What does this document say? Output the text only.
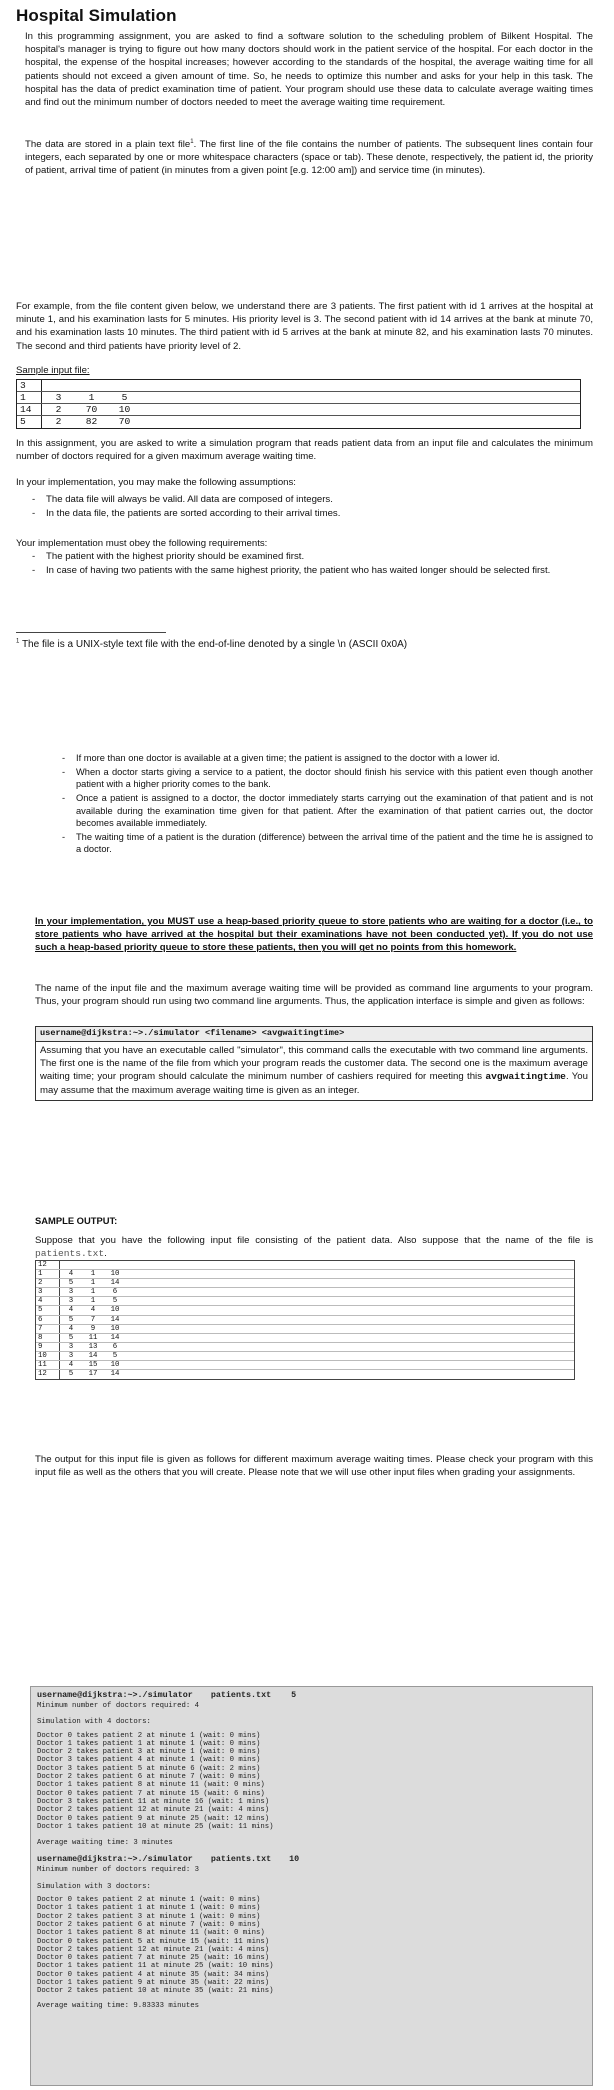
Hospital Simulation
In this programming assignment, you are asked to find a software solution to the scheduling problem of Bilkent Hospital. The hospital's manager is trying to figure out how many doctors should work in the patient service of the hospital. For each doctor in the hospital, the expense of the hospital increases; however according to the standards of the hospital, the average waiting time for all patients should not exceed a given amount of time. So, he needs to optimize this number and asks for your help in this task. The hospital has the data of predict examination time of patient. Your program should use these data to calculate average waiting times and find out the minimum number of doctors needed to meet the average waiting time requirement.
The data are stored in a plain text file$^1$. The first line of the file contains the number of patients. The subsequent lines contain four integers, each separated by one or more whitespace characters (space or tab). These denote, respectively, the patient id, the priority of patient, arrival time of patient (in minutes from a given point [e.g. 12:00 am]) and service time (in minutes).
For example, from the file content given below, we understand there are 3 patients. The first patient with id 1 arrives at the hospital at minute 1, and his examination lasts for 5 minutes. His priority level is 3. The second patient with id 14 arrives at the bank at minute 70, and his examination lasts 10 minutes. The third patient with id 5 arrives at the bank at minute 82, and his examination lasts 70 minutes. The second and third patients have priority level of 2.
Sample input file:
3
1	3	1	5
14	2	70	10
5	2	82	70
In this assignment, you are asked to write a simulation program that reads patient data from an input file and calculates the minimum number of doctors required for a given maximum average waiting time.
In your implementation, you may make the following assumptions:
- The data file will always be valid. All data are composed of integers.
- In the data file, the patients are sorted according to their arrival times.
Your implementation must obey the following requirements:
- The patient with the highest priority should be examined first.
- In case of having two patients with the same highest priority, the patient who has waited longer should be selected first.
$^1$ The file is a UNIX-style text file with the end-of-line denoted by a single \n (ASCII 0x0A)
- If more than one doctor is available at a given time; the patient is assigned to the doctor with a lower id.
- When a doctor starts giving a service to a patient, the doctor should finish his service with this patient even though another patient with a higher priority comes to the bank.
- Once a patient is assigned to a doctor, the doctor immediately starts carrying out the examination of that patient and is not available during the examination time given for that patient. After the examination of that patient carries out, the doctor becomes available immediately.
- The waiting time of a patient is the duration (difference) between the arrival time of the patient and the time he is assigned to a doctor.
In your implementation, you MUST use a heap-based priority queue to store patients who are waiting for a doctor (i.e., to store patients who have arrived at the hospital but their examinations have not been conducted yet). If you do not use such a heap-based priority queue to store these patients, then you will get no points from this homework.
The name of the input file and the maximum average waiting time will be provided as command line arguments to your program. Thus, your program should run using two command line arguments. Thus, the application interface is simple and given as follows:
username@dijkstra:~>./simulator <filename> <avgwaitingtime>
Assuming that you have an executable called "simulator", this command calls the executable with two command line arguments. The first one is the name of the file from which your program reads the customer data. The second one is the maximum average waiting time; your program should calculate the minimum number of cashiers required for meeting this avgwaitingtime. You may assume that the maximum average waiting time is given as an integer.
SAMPLE OUTPUT:
Suppose that you have the following input file consisting of the patient data. Also suppose that the name of the file is patients.txt.
12
1	4	1	10
2	5	1	14
3	3	1	6
4	3	1	5
5	4	4	10
6	5	7	14
7	4	9	10
8	5	11	14
9	3	13	6
10	3	14	5
11	4	15	10
12	5	17	14
The output for this input file is given as follows for different maximum average waiting times. Please check your program with this input file as well as the others that you will create. Please note that we will use other input files when grading your assignments.
username@dijkstra:~>./simulator patients.txt 5
Minimum number of doctors required: 4
Simulation with 4 doctors:
Doctor 0 takes patient 2 at minute 1 (wait: 0 mins)
Doctor 1 takes patient 1 at minute 1 (wait: 0 mins)
Doctor 2 takes patient 3 at minute 1 (wait: 0 mins)
Doctor 3 takes patient 4 at minute 1 (wait: 0 mins)
Doctor 3 takes patient 5 at minute 6 (wait: 2 mins)
Doctor 2 takes patient 6 at minute 7 (wait: 0 mins)
Doctor 1 takes patient 8 at minute 11 (wait: 0 mins)
Doctor 0 takes patient 7 at minute 15 (wait: 6 mins)
Doctor 3 takes patient 11 at minute 16 (wait: 1 mins)
Doctor 2 takes patient 12 at minute 21 (wait: 4 mins)
Doctor 0 takes patient 9 at minute 25 (wait: 12 mins)
Doctor 1 takes patient 10 at minute 25 (wait: 11 mins)
Average waiting time: 3 minutes
username@dijkstra:~>./simulator patients.txt 10
Minimum number of doctors required: 3
Simulation with 3 doctors:
Doctor 0 takes patient 2 at minute 1 (wait: 0 mins)
Doctor 1 takes patient 1 at minute 1 (wait: 0 mins)
Doctor 2 takes patient 3 at minute 1 (wait: 0 mins)
Doctor 2 takes patient 6 at minute 7 (wait: 0 mins)
Doctor 1 takes patient 8 at minute 11 (wait: 0 mins)
Doctor 0 takes patient 5 at minute 15 (wait: 11 mins)
Doctor 2 takes patient 12 at minute 21 (wait: 4 mins)
Doctor 0 takes patient 7 at minute 25 (wait: 16 mins)
Doctor 1 takes patient 11 at minute 25 (wait: 10 mins)
Doctor 0 takes patient 4 at minute 35 (wait: 34 mins)
Doctor 1 takes patient 9 at minute 35 (wait: 22 mins)
Doctor 2 takes patient 10 at minute 35 (wait: 21 mins)
Average waiting time: 9.83333 minutes
